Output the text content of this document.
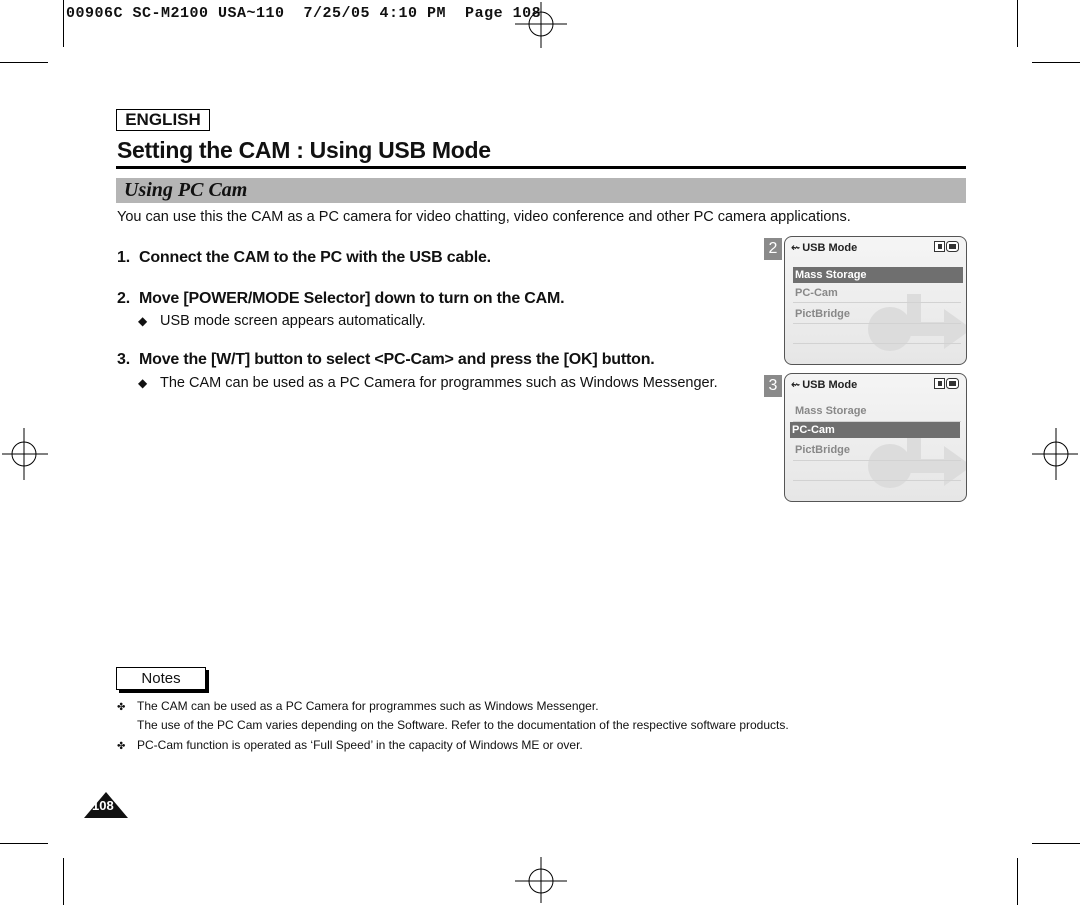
00906C SC-M2100 USA~110  7/25/05 4:10 PM  Page 108
ENGLISH
Setting the CAM : Using USB Mode
Using PC Cam
You can use this the CAM as a PC camera for video chatting, video conference and other PC camera applications.
1. Connect the CAM to the PC with the USB cable.
2. Move [POWER/MODE Selector] down to turn on the CAM.
◆ USB mode screen appears automatically.
3. Move the [W/T] button to select <PC-Cam> and press the [OK] button.
◆ The CAM can be used as a PC Camera for programmes such as Windows Messenger.
2	⇜ USB Mode
Mass Storage
PC-Cam
PictBridge
3	⇜ USB Mode
Mass Storage
PC-Cam
PictBridge
Notes
✤ The CAM can be used as a PC Camera for programmes such as Windows Messenger.
The use of the PC Cam varies depending on the Software. Refer to the documentation of the respective software products.
✤ PC-Cam function is operated as ‘Full Speed’ in the capacity of Windows ME or over.
108
